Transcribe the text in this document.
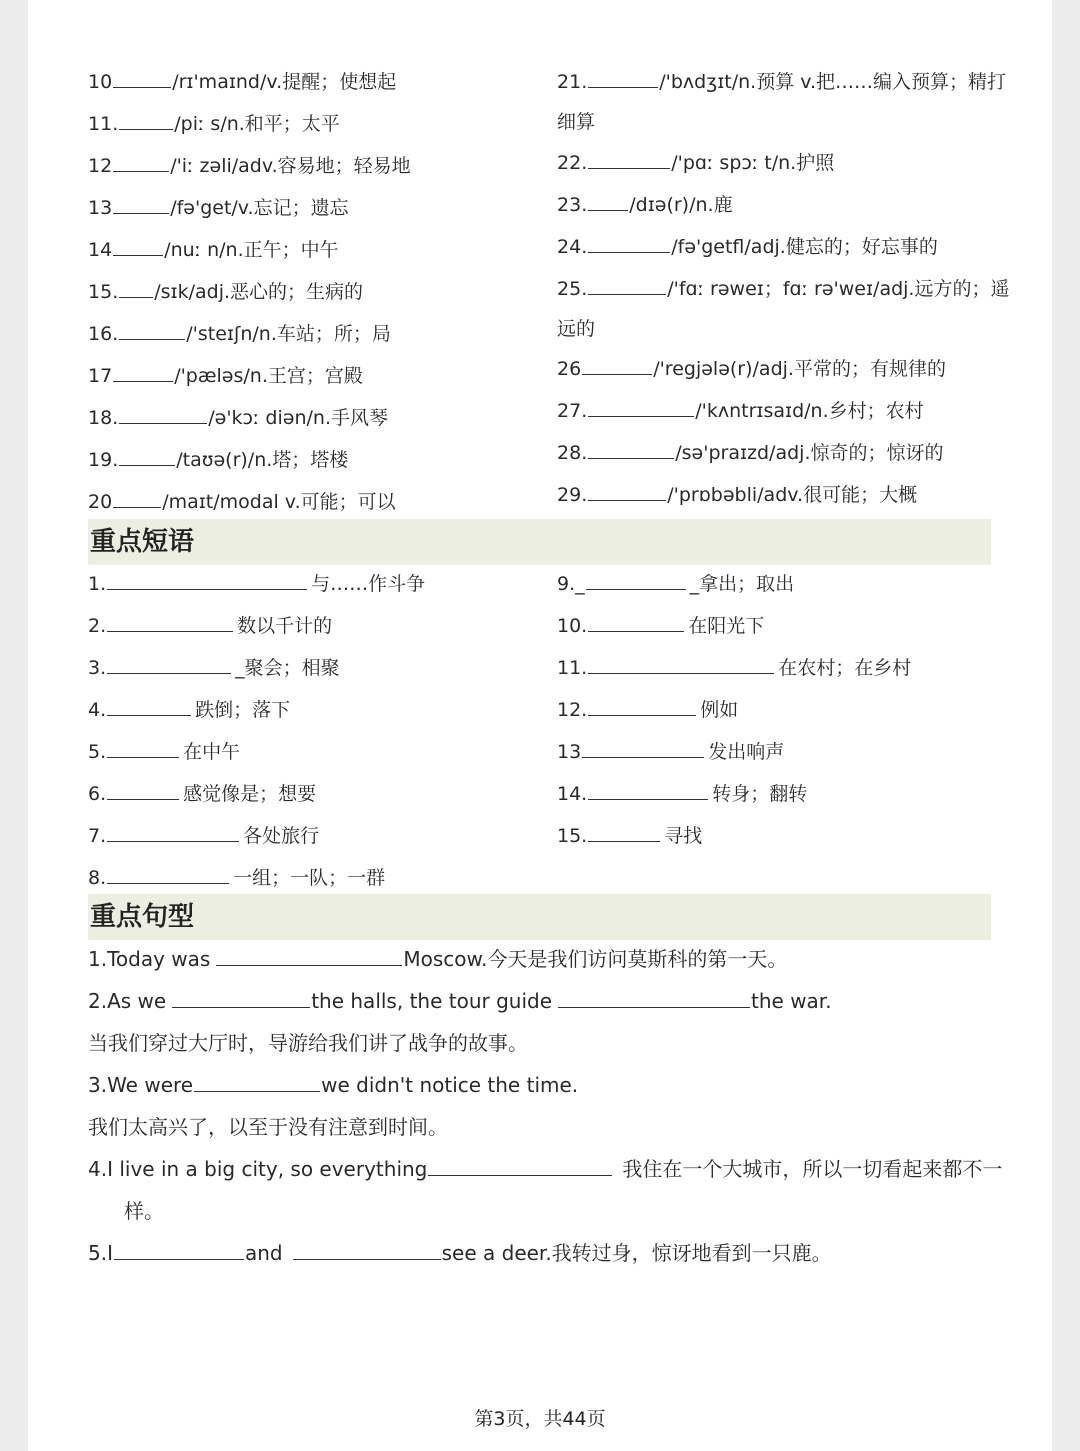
10	/rɪ'maɪnd/v.提醒；使想起
11.	/piː s/n.和平；太平
12	/'iː zəli/adv.容易地；轻易地
13	/fə'get/v.忘记；遗忘
14	/nuː n/n.正午；中午
15. /sɪk/adj.恶心的；生病的
16.	/'steɪʃn/n.车站；所；局
17	/'pæləs/n.王宫；宫殿
18.	/ə'kɔː diən/n.手风琴
19.	/taʊə(r)/n.塔；塔楼
20	/maɪt/modal v.可能；可以
21.	/'bʌdʒɪt/n.预算 v.把……编入预算；精打
细算
22.	/'pɑː spɔː t/n.护照
23. /dɪə(r)/n.鹿
24.	/fə'getfl/adj.健忘的；好忘事的
25.	/'fɑː rəweɪ；fɑː rə'weɪ/adj.远方的；遥
远的
26	/'regjələ(r)/adj.平常的；有规律的
27.	/'kʌntrɪsaɪd/n.乡村；农村
28.	/sə'praɪzd/adj.惊奇的；惊讶的
29.	/'prɒbəbli/adv.很可能；大概
重点短语
1.	与……作斗争
2.	数以千计的
3.	_聚会；相聚
4.	跌倒；落下
5.	在中午
6.	感觉像是；想要
7.	各处旅行
8.	一组；一队；一群
9._	_拿出；取出
10.	在阳光下
11.	在农村；在乡村
12.	例如
13	发出响声
14.	转身；翻转
15.	寻找
重点句型
1.Today was	Moscow.今天是我们访问莫斯科的第一天。
2.As we	the halls, the tour guide	the war.
当我们穿过大厅时，导游给我们讲了战争的故事。
3.We were	we didn't notice the time.
我们太高兴了，以至于没有注意到时间。
4.I live in a big city, so everything	我住在一个大城市，所以一切看起来都不一
样。
5.I	and	see a deer.我转过身，惊讶地看到一只鹿。
第3页，共44页
